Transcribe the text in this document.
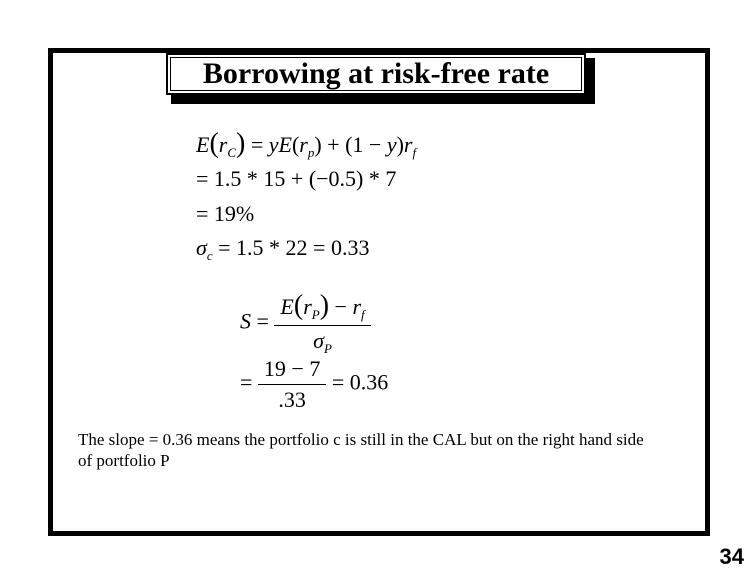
Borrowing at risk-free rate
$E(r_C) = yE(r_p) + (1 - y)r_f$
= 1.5 * 15 + (−0.5) * 7
= 19%
$\sigma_c = 1.5 * 22 = 0.33$
$S = \frac{E(r_P) - r_f}{\sigma_P}$
= $\frac{19 - 7}{.33} = 0.36$
The slope = 0.36 means the portfolio c is still in the CAL but on the right hand side of portfolio P
34
